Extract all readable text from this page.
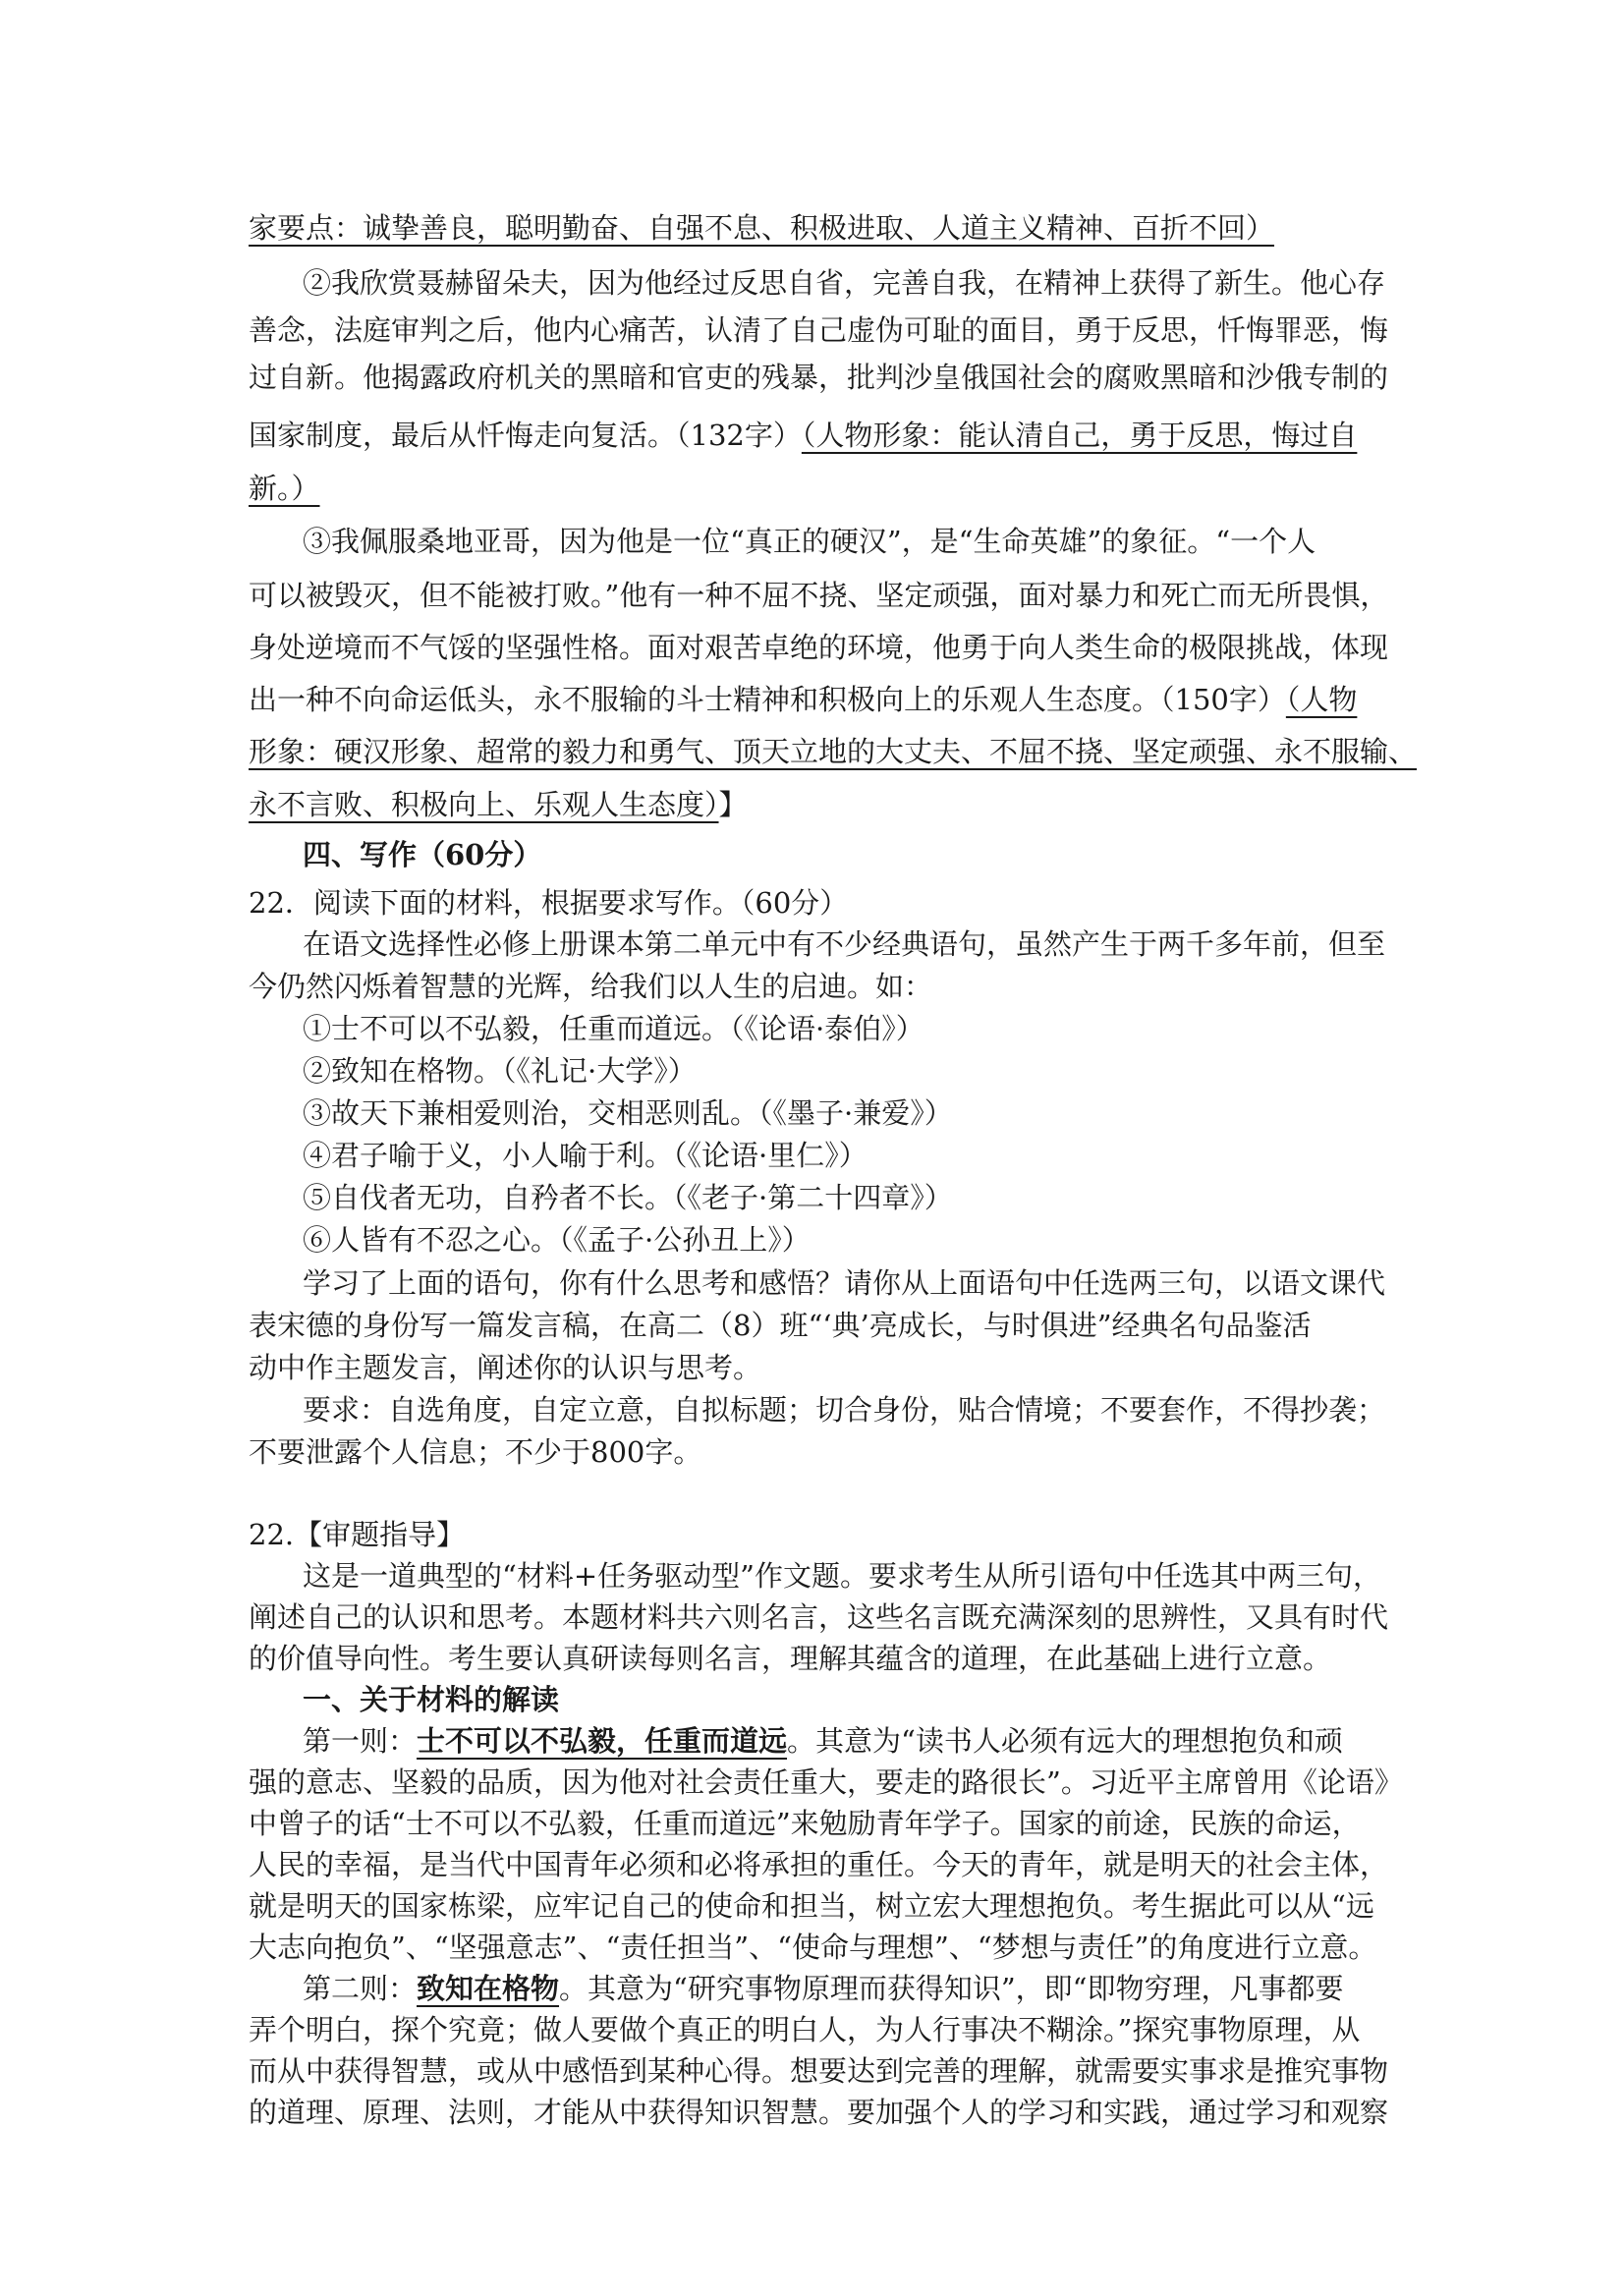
家要点：诚挚善良，聪明勤奋、自强不息、积极进取、人道主义精神、百折不回）
②我欣赏聂赫留朵夫，因为他经过反思自省，完善自我，在精神上获得了新生。他心存
善念，法庭审判之后，他内心痛苦，认清了自己虚伪可耻的面目，勇于反思，忏悔罪恶，悔
过自新。他揭露政府机关的黑暗和官吏的残暴，批判沙皇俄国社会的腐败黑暗和沙俄专制的
国家制度，最后从忏悔走向复活。（132字）（人物形象：能认清自己，勇于反思，悔过自
新。）
③我佩服桑地亚哥，因为他是一位“真正的硬汉”，是“生命英雄”的象征。“一个人
可以被毁灭，但不能被打败。”他有一种不屈不挠、坚定顽强，面对暴力和死亡而无所畏惧，
身处逆境而不气馁的坚强性格。面对艰苦卓绝的环境，他勇于向人类生命的极限挑战，体现
出一种不向命运低头，永不服输的斗士精神和积极向上的乐观人生态度。（150字）（人物
形象：硬汉形象、超常的毅力和勇气、顶天立地的大丈夫、不屈不挠、坚定顽强、永不服输、
永不言败、积极向上、乐观人生态度）】
四、写作（60分）
22．阅读下面的材料，根据要求写作。（60分）
在语文选择性必修上册课本第二单元中有不少经典语句，虽然产生于两千多年前，但至
今仍然闪烁着智慧的光辉，给我们以人生的启迪。如：
①士不可以不弘毅，任重而道远。（《论语·泰伯》）
②致知在格物。（《礼记·大学》）
③故天下兼相爱则治，交相恶则乱。（《墨子·兼爱》）
④君子喻于义，小人喻于利。（《论语·里仁》）
⑤自伐者无功，自矜者不长。（《老子·第二十四章》）
⑥人皆有不忍之心。（《孟子·公孙丑上》）
学习了上面的语句，你有什么思考和感悟？请你从上面语句中任选两三句，以语文课代
表宋德的身份写一篇发言稿，在高二（8）班“‘典’亮成长，与时俱进”经典名句品鉴活
动中作主题发言，阐述你的认识与思考。
要求：自选角度，自定立意，自拟标题；切合身份，贴合情境；不要套作，不得抄袭；
不要泄露个人信息；不少于800字。
22.【审题指导】
这是一道典型的“材料+任务驱动型”作文题。要求考生从所引语句中任选其中两三句，
阐述自己的认识和思考。本题材料共六则名言，这些名言既充满深刻的思辨性，又具有时代
的价值导向性。考生要认真研读每则名言，理解其蕴含的道理，在此基础上进行立意。
一、关于材料的解读
第一则：士不可以不弘毅，任重而道远。其意为“读书人必须有远大的理想抱负和顽
强的意志、坚毅的品质，因为他对社会责任重大，要走的路很长”。习近平主席曾用《论语》
中曾子的话“士不可以不弘毅，任重而道远”来勉励青年学子。国家的前途，民族的命运，
人民的幸福，是当代中国青年必须和必将承担的重任。今天的青年，就是明天的社会主体，
就是明天的国家栋梁，应牢记自己的使命和担当，树立宏大理想抱负。考生据此可以从“远
大志向抱负”、“坚强意志”、“责任担当”、“使命与理想”、“梦想与责任”的角度进行立意。
第二则：致知在格物。其意为“研究事物原理而获得知识”，即“即物穷理，凡事都要
弄个明白，探个究竟；做人要做个真正的明白人，为人行事决不糊涂。”探究事物原理，从
而从中获得智慧，或从中感悟到某种心得。想要达到完善的理解，就需要实事求是推究事物
的道理、原理、法则，才能从中获得知识智慧。要加强个人的学习和实践，通过学习和观察
